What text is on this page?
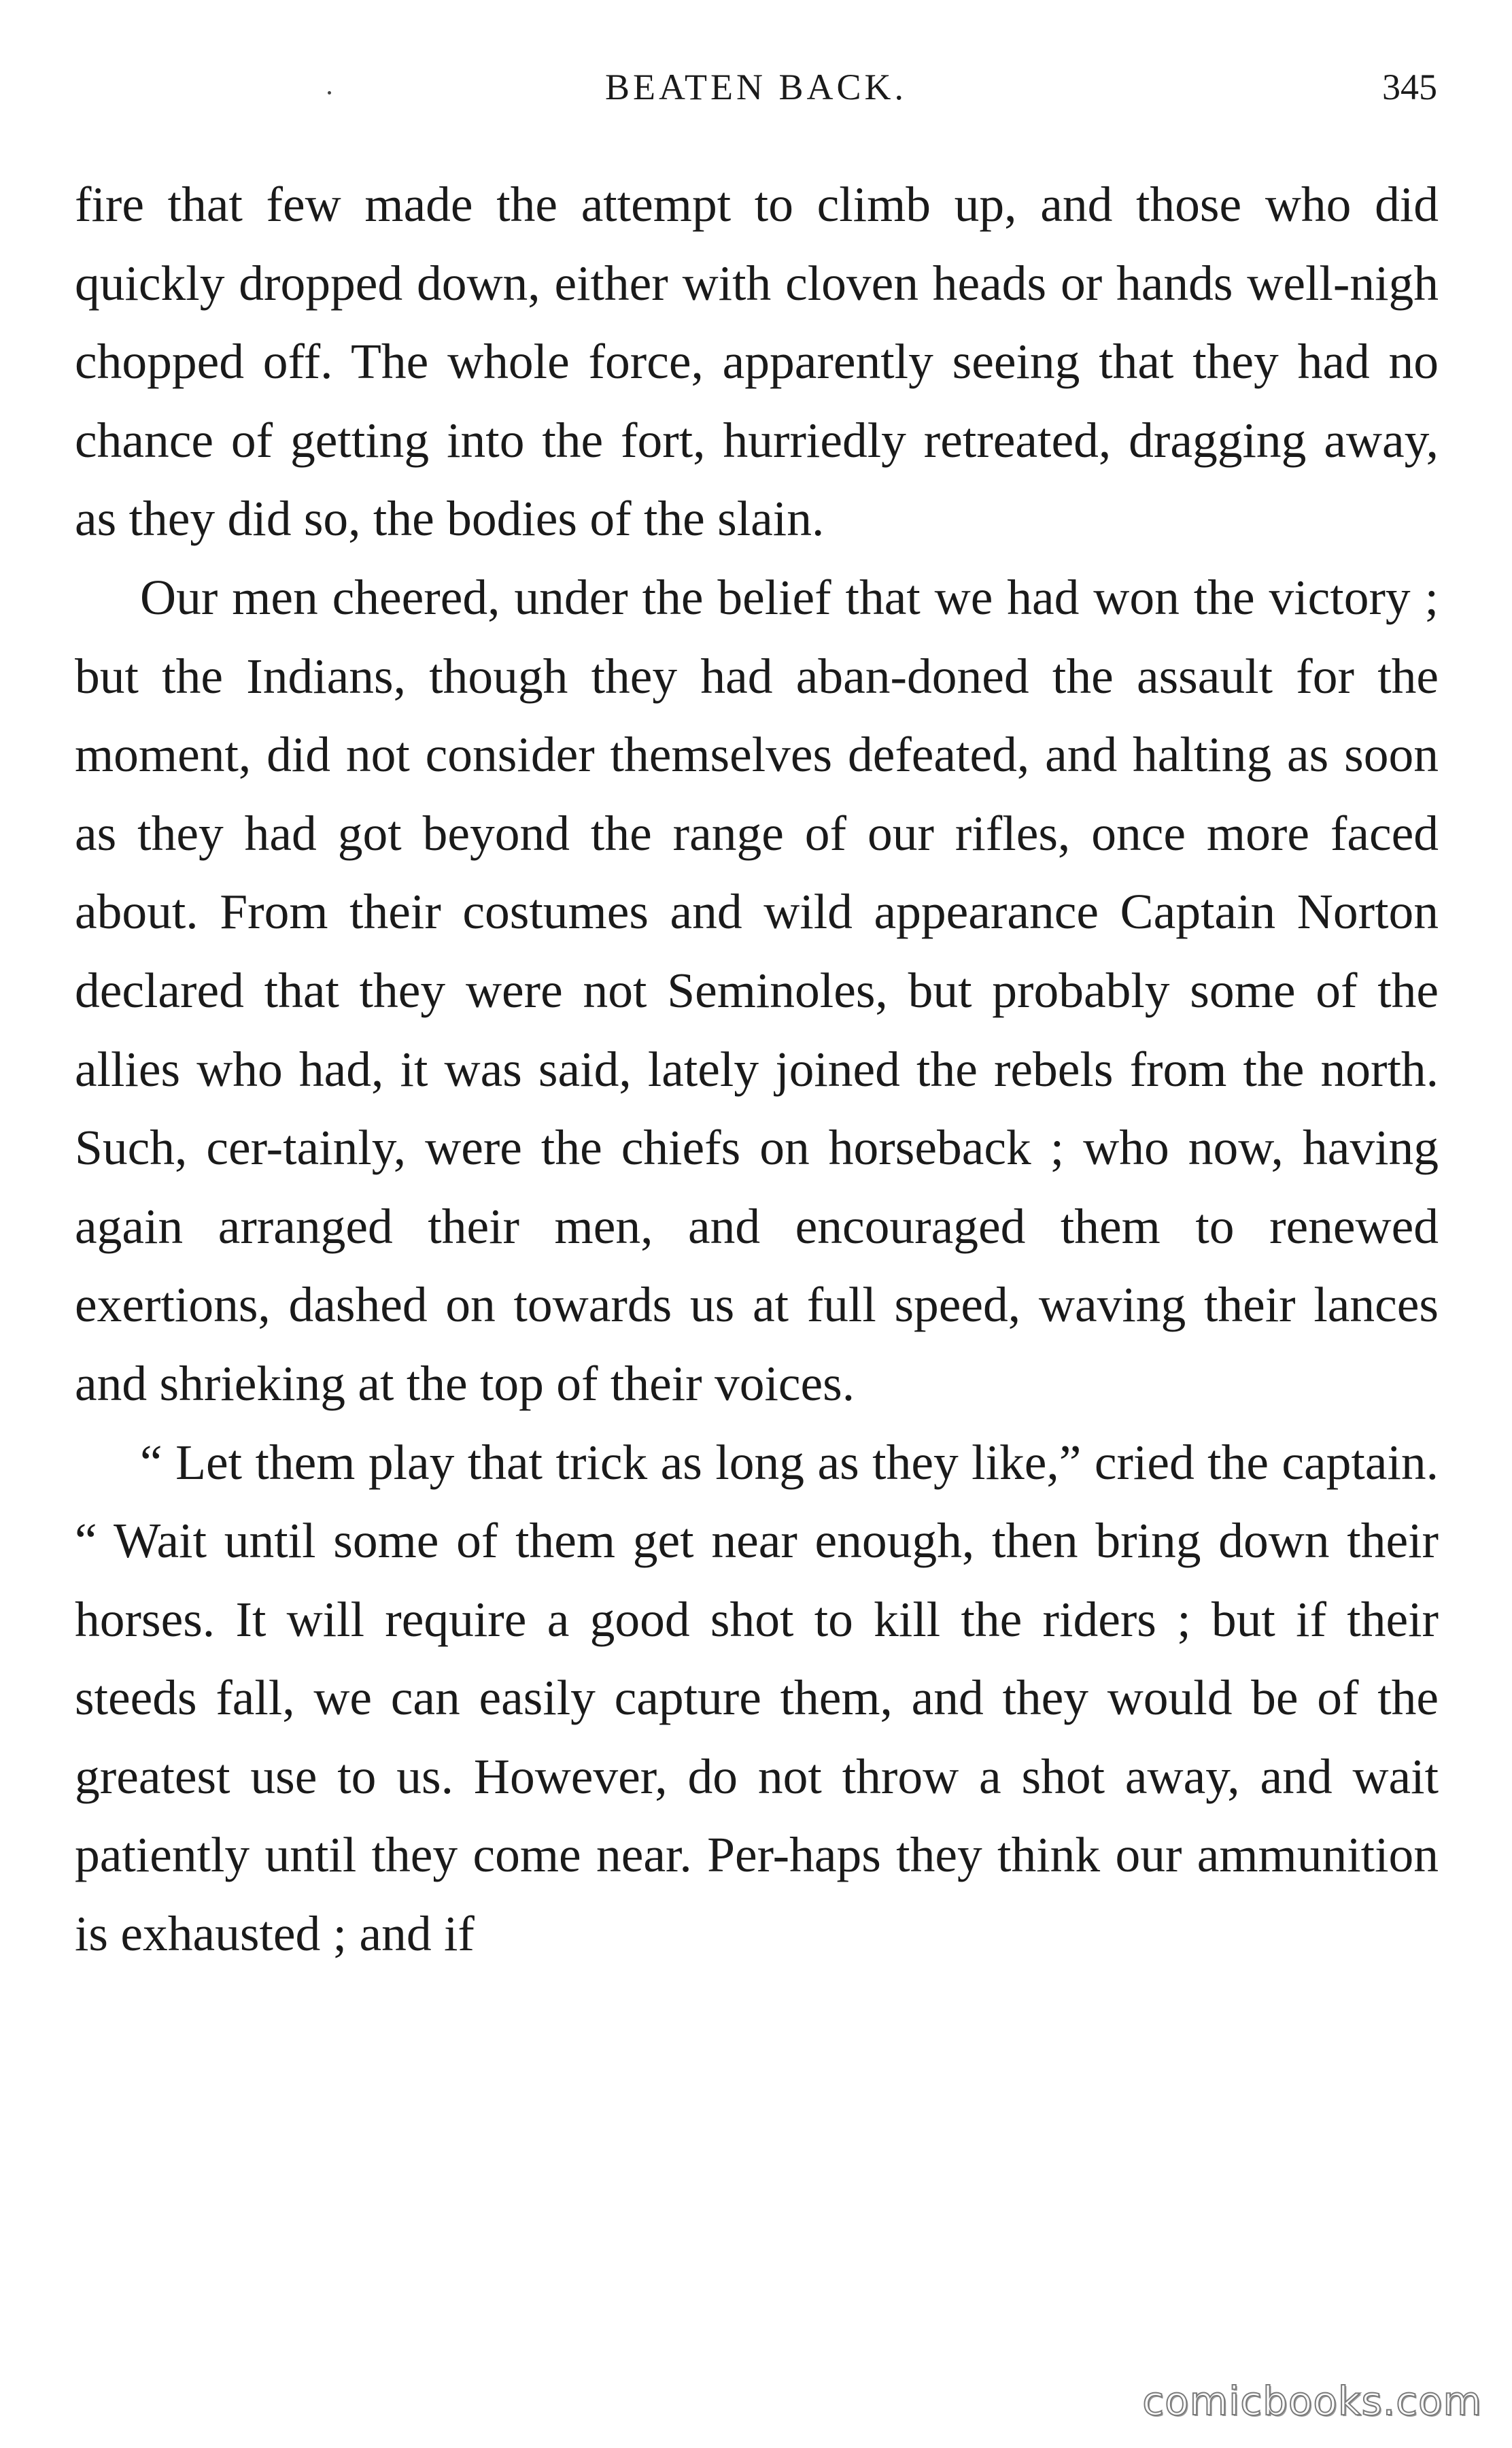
BEATEN BACK.	345

fire that few made the attempt to climb up, and those who did quickly dropped down, either with cloven heads or hands well-nigh chopped off. The whole force, apparently seeing that they had no chance of getting into the fort, hurriedly retreated, dragging away, as they did so, the bodies of the slain.

Our men cheered, under the belief that we had won the victory ; but the Indians, though they had aban-doned the assault for the moment, did not consider themselves defeated, and halting as soon as they had got beyond the range of our rifles, once more faced about. From their costumes and wild appearance Captain Norton declared that they were not Seminoles, but probably some of the allies who had, it was said, lately joined the rebels from the north. Such, cer-tainly, were the chiefs on horseback ; who now, having again arranged their men, and encouraged them to renewed exertions, dashed on towards us at full speed, waving their lances and shrieking at the top of their voices.

“ Let them play that trick as long as they like,” cried the captain. “ Wait until some of them get near enough, then bring down their horses. It will require a good shot to kill the riders ; but if their steeds fall, we can easily capture them, and they would be of the greatest use to us. However, do not throw a shot away, and wait patiently until they come near. Per-haps they think our ammunition is exhausted ; and if

comicbooks.com
